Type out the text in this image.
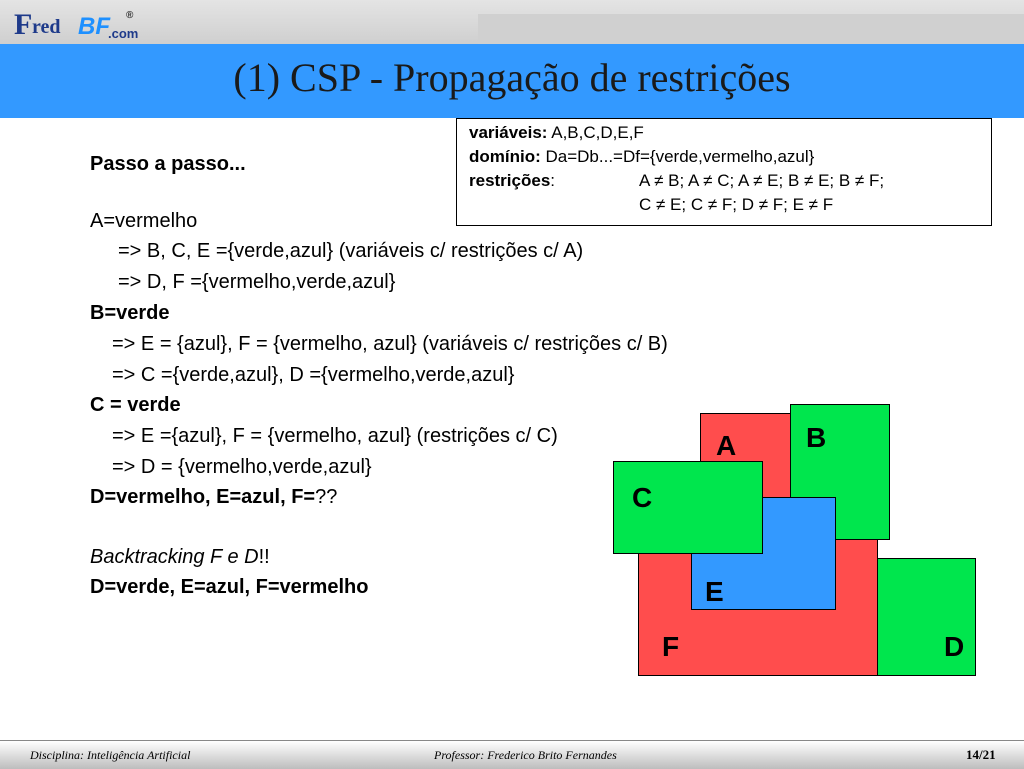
F red BF
.com
®
(1) CSP - Propagação de restrições
variáveis: A,B,C,D,E,F
domínio: Da=Db...=Df={verde,vermelho,azul}
restrições:	A ≠ B; A ≠ C; A ≠ E; B ≠ E; B ≠ F;
C ≠ E; C ≠ F; D ≠ F; E ≠ F
Passo a passo...
A=vermelho
=> B, C, E ={verde,azul} (variáveis c/ restrições c/ A)
=> D, F ={vermelho,verde,azul}
B=verde
=> E = {azul}, F = {vermelho, azul} (variáveis c/ restrições c/ B)
=> C ={verde,azul}, D ={vermelho,verde,azul}
C = verde
=> E ={azul}, F = {vermelho, azul} (restrições c/ C)
=> D = {vermelho,verde,azul}
D=vermelho, E=azul, F=??
Backtracking F e D!!
D=verde, E=azul, F=vermelho
A B
C
D
E
F
Disciplina: Inteligência Artificial	Professor: Frederico Brito Fernandes	14/21
